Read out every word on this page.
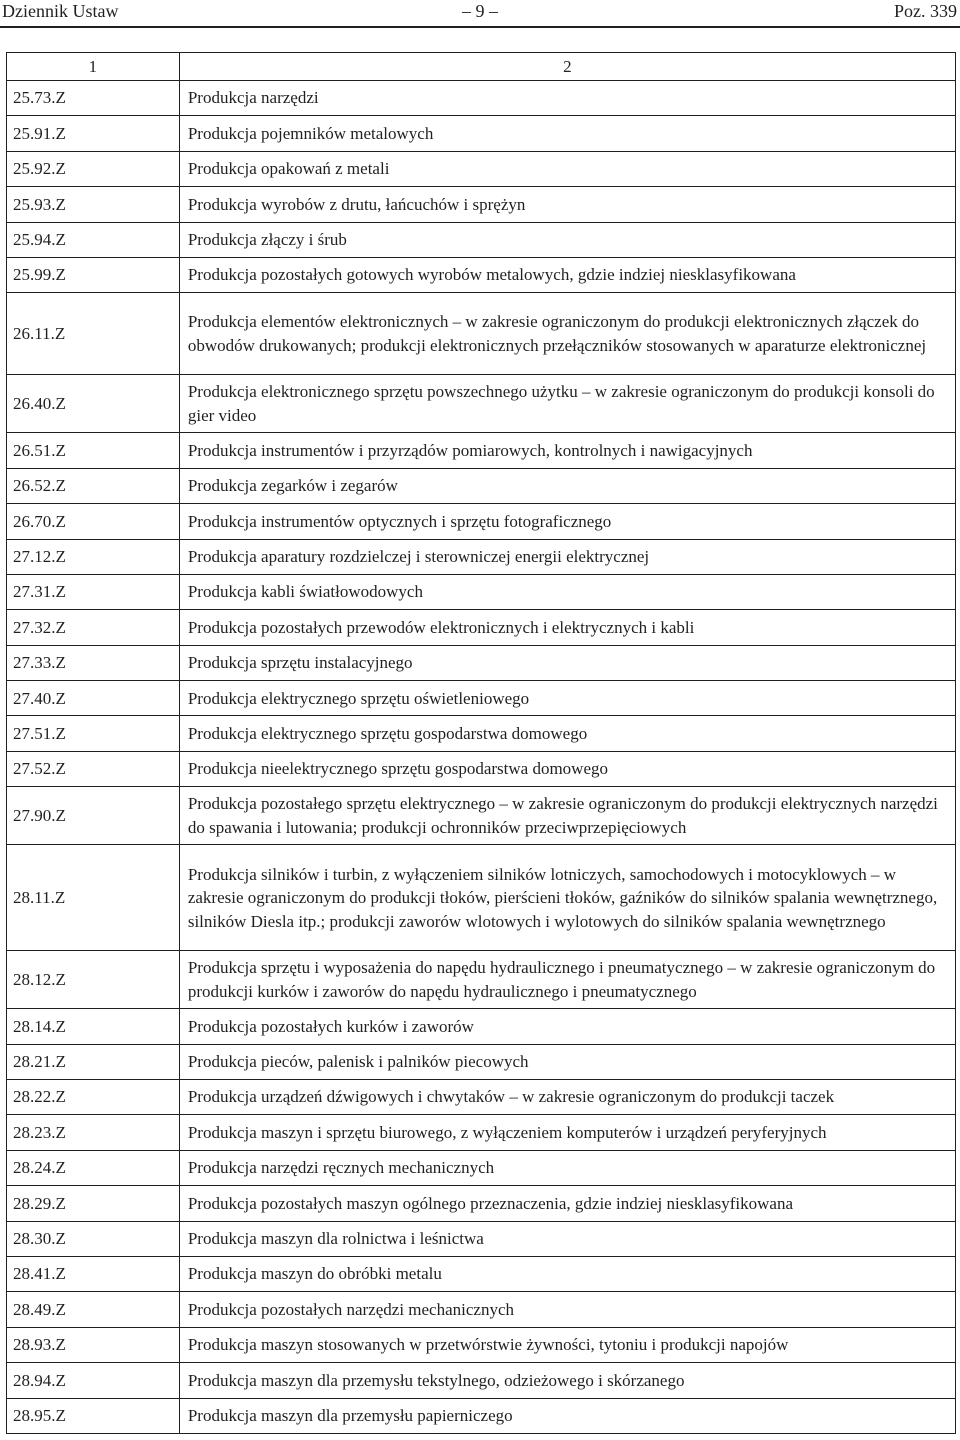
Dziennik Ustaw	– 9 –	Poz. 339
1	2
25.73.Z	Produkcja narzędzi
25.91.Z	Produkcja pojemników metalowych
25.92.Z	Produkcja opakowań z metali
25.93.Z	Produkcja wyrobów z drutu, łańcuchów i sprężyn
25.94.Z	Produkcja złączy i śrub
25.99.Z	Produkcja pozostałych gotowych wyrobów metalowych, gdzie indziej niesklasyfikowana
26.11.Z	Produkcja elementów elektronicznych – w zakresie ograniczonym do produkcji elektronicznych złączek do obwodów drukowanych; produkcji elektronicznych przełączników stosowanych w aparaturze elektronicznej
26.40.Z	Produkcja elektronicznego sprzętu powszechnego użytku – w zakresie ograniczonym do produkcji konsoli do gier video
26.51.Z	Produkcja instrumentów i przyrządów pomiarowych, kontrolnych i nawigacyjnych
26.52.Z	Produkcja zegarków i zegarów
26.70.Z	Produkcja instrumentów optycznych i sprzętu fotograficznego
27.12.Z	Produkcja aparatury rozdzielczej i sterowniczej energii elektrycznej
27.31.Z	Produkcja kabli światłowodowych
27.32.Z	Produkcja pozostałych przewodów elektronicznych i elektrycznych i kabli
27.33.Z	Produkcja sprzętu instalacyjnego
27.40.Z	Produkcja elektrycznego sprzętu oświetleniowego
27.51.Z	Produkcja elektrycznego sprzętu gospodarstwa domowego
27.52.Z	Produkcja nieelektrycznego sprzętu gospodarstwa domowego
27.90.Z	Produkcja pozostałego sprzętu elektrycznego – w zakresie ograniczonym do produkcji elektrycznych narzędzi do spawania i lutowania; produkcji ochronników przeciwprzepięciowych
28.11.Z	Produkcja silników i turbin, z wyłączeniem silników lotniczych, samochodowych i motocyklowych – w zakresie ograniczonym do produkcji tłoków, pierścieni tłoków, gaźników do silników spalania wewnętrznego, silników Diesla itp.; produkcji zaworów wlotowych i wylotowych do silników spalania wewnętrznego
28.12.Z	Produkcja sprzętu i wyposażenia do napędu hydraulicznego i pneumatycznego – w zakresie ograniczonym do produkcji kurków i zaworów do napędu hydraulicznego i pneumatycznego
28.14.Z	Produkcja pozostałych kurków i zaworów
28.21.Z	Produkcja pieców, palenisk i palników piecowych
28.22.Z	Produkcja urządzeń dźwigowych i chwytaków – w zakresie ograniczonym do produkcji taczek
28.23.Z	Produkcja maszyn i sprzętu biurowego, z wyłączeniem komputerów i urządzeń peryferyjnych
28.24.Z	Produkcja narzędzi ręcznych mechanicznych
28.29.Z	Produkcja pozostałych maszyn ogólnego przeznaczenia, gdzie indziej niesklasyfikowana
28.30.Z	Produkcja maszyn dla rolnictwa i leśnictwa
28.41.Z	Produkcja maszyn do obróbki metalu
28.49.Z	Produkcja pozostałych narzędzi mechanicznych
28.93.Z	Produkcja maszyn stosowanych w przetwórstwie żywności, tytoniu i produkcji napojów
28.94.Z	Produkcja maszyn dla przemysłu tekstylnego, odzieżowego i skórzanego
28.95.Z	Produkcja maszyn dla przemysłu papierniczego
